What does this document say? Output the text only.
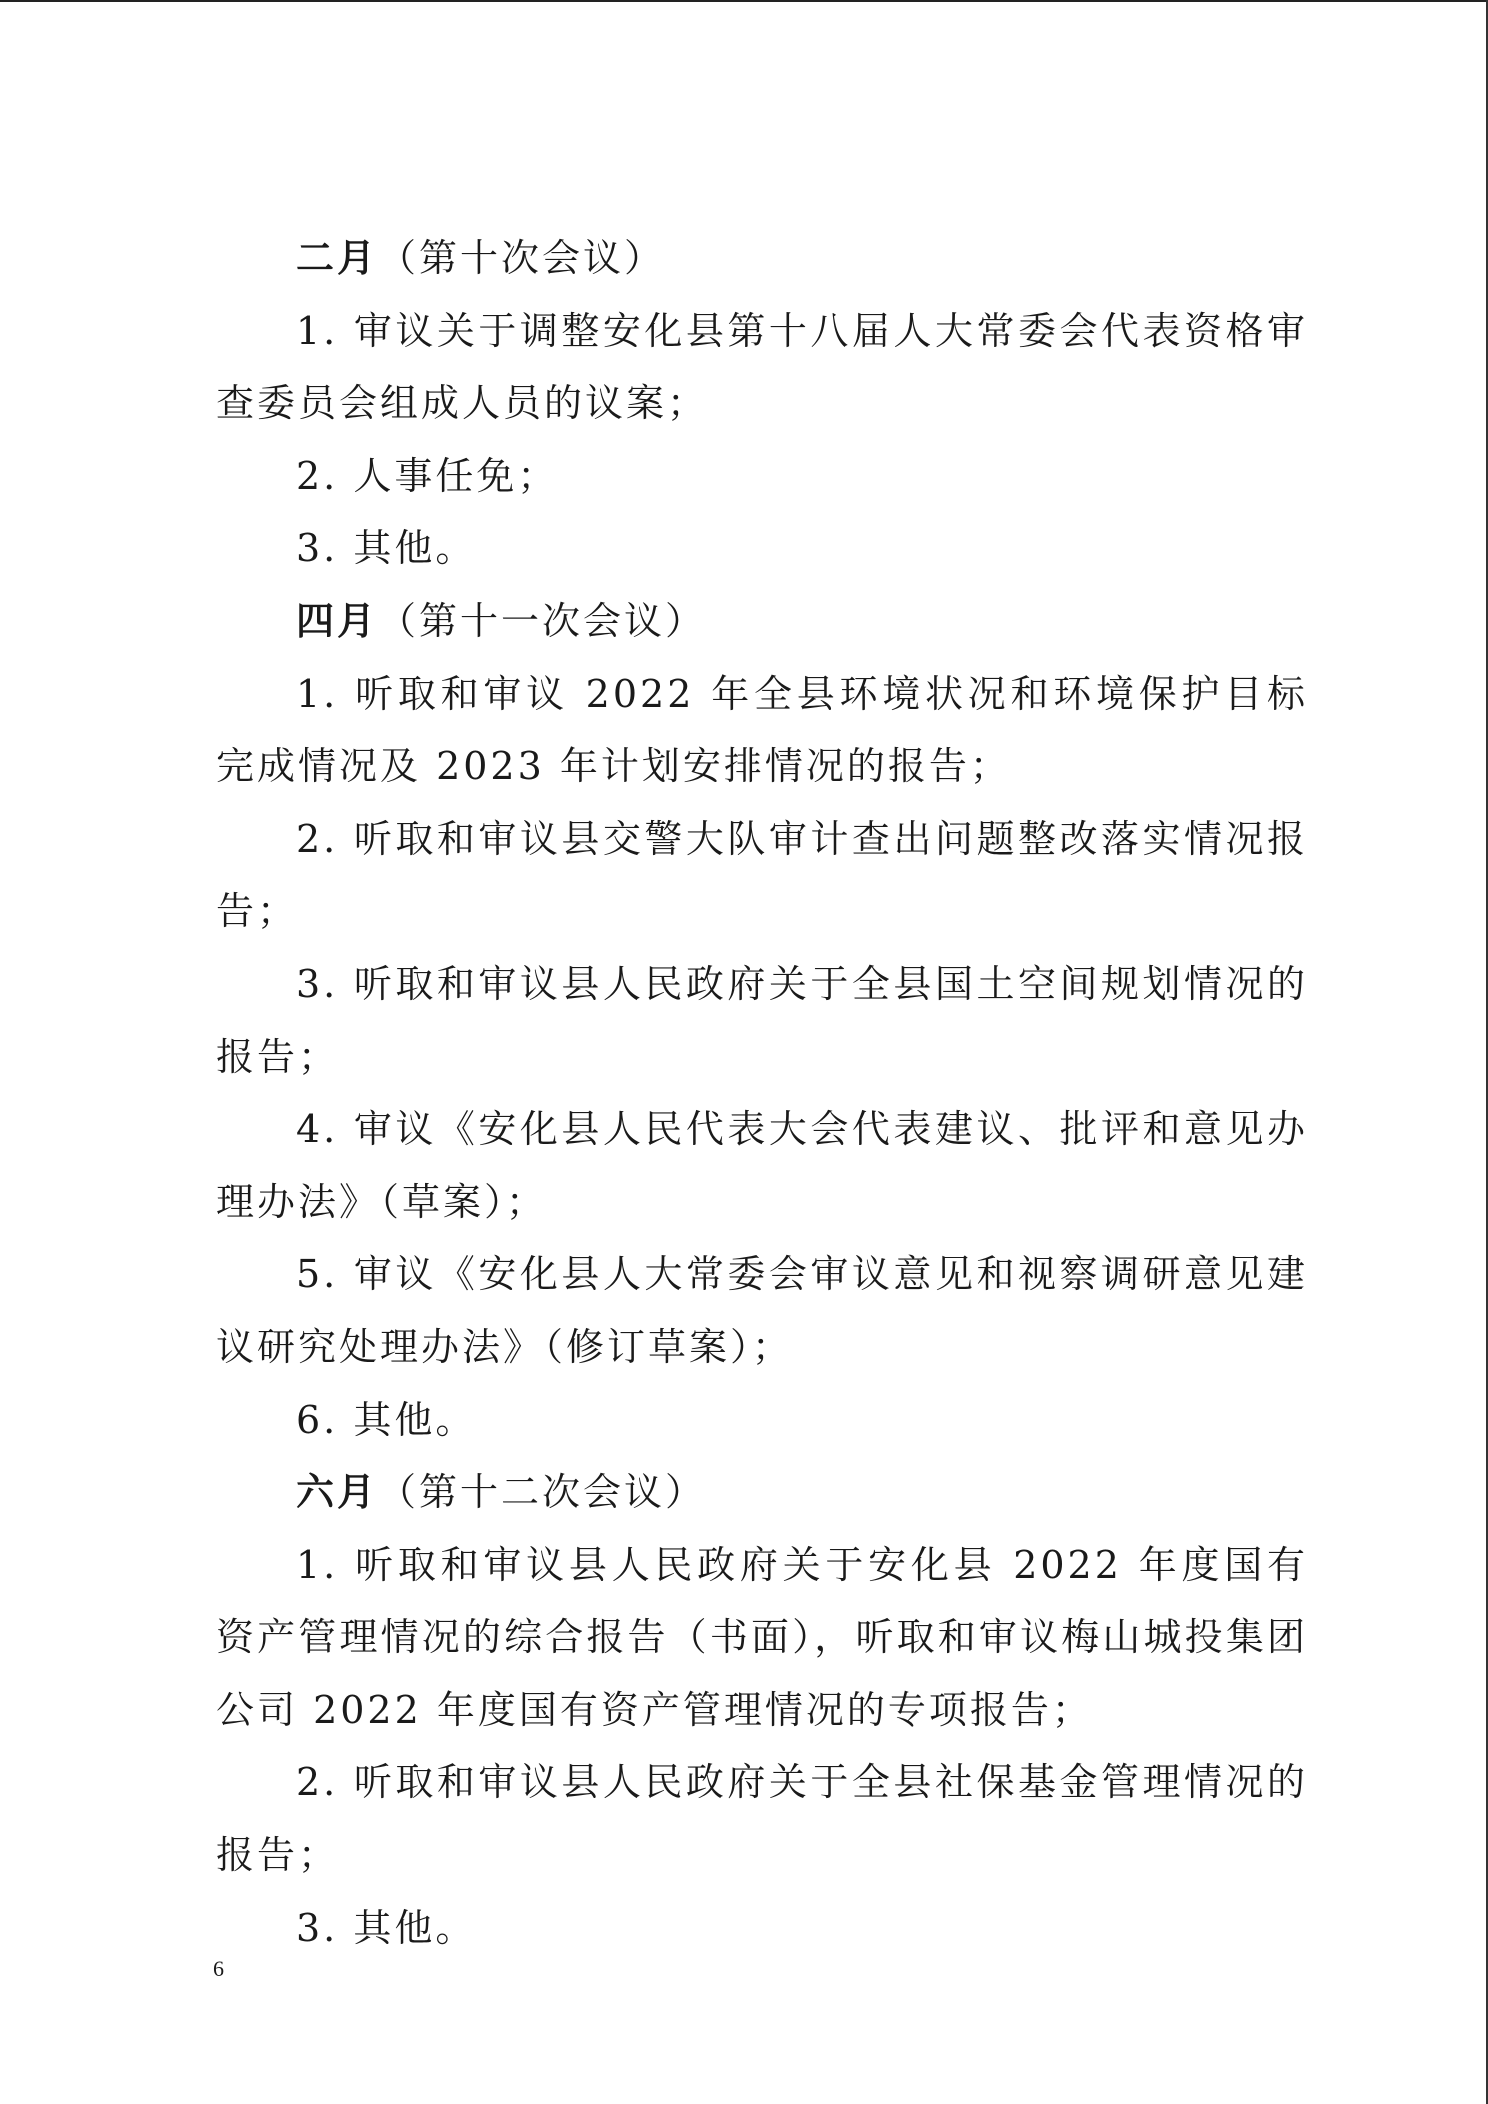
二月（第十次会议）

1. 审议关于调整安化县第十八届人大常委会代表资格审查委员会组成人员的议案；

2. 人事任免；

3. 其他。

四月（第十一次会议）

1. 听取和审议 2022 年全县环境状况和环境保护目标完成情况及 2023 年计划安排情况的报告；

2. 听取和审议县交警大队审计查出问题整改落实情况报告；

3. 听取和审议县人民政府关于全县国土空间规划情况的报告；

4. 审议《安化县人民代表大会代表建议、批评和意见办理办法》（草案）；

5. 审议《安化县人大常委会审议意见和视察调研意见建议研究处理办法》（修订草案）；

6. 其他。

六月（第十二次会议）

1. 听取和审议县人民政府关于安化县 2022 年度国有资产管理情况的综合报告（书面），听取和审议梅山城投集团公司 2022 年度国有资产管理情况的专项报告；

2. 听取和审议县人民政府关于全县社保基金管理情况的报告；

3. 其他。

6
